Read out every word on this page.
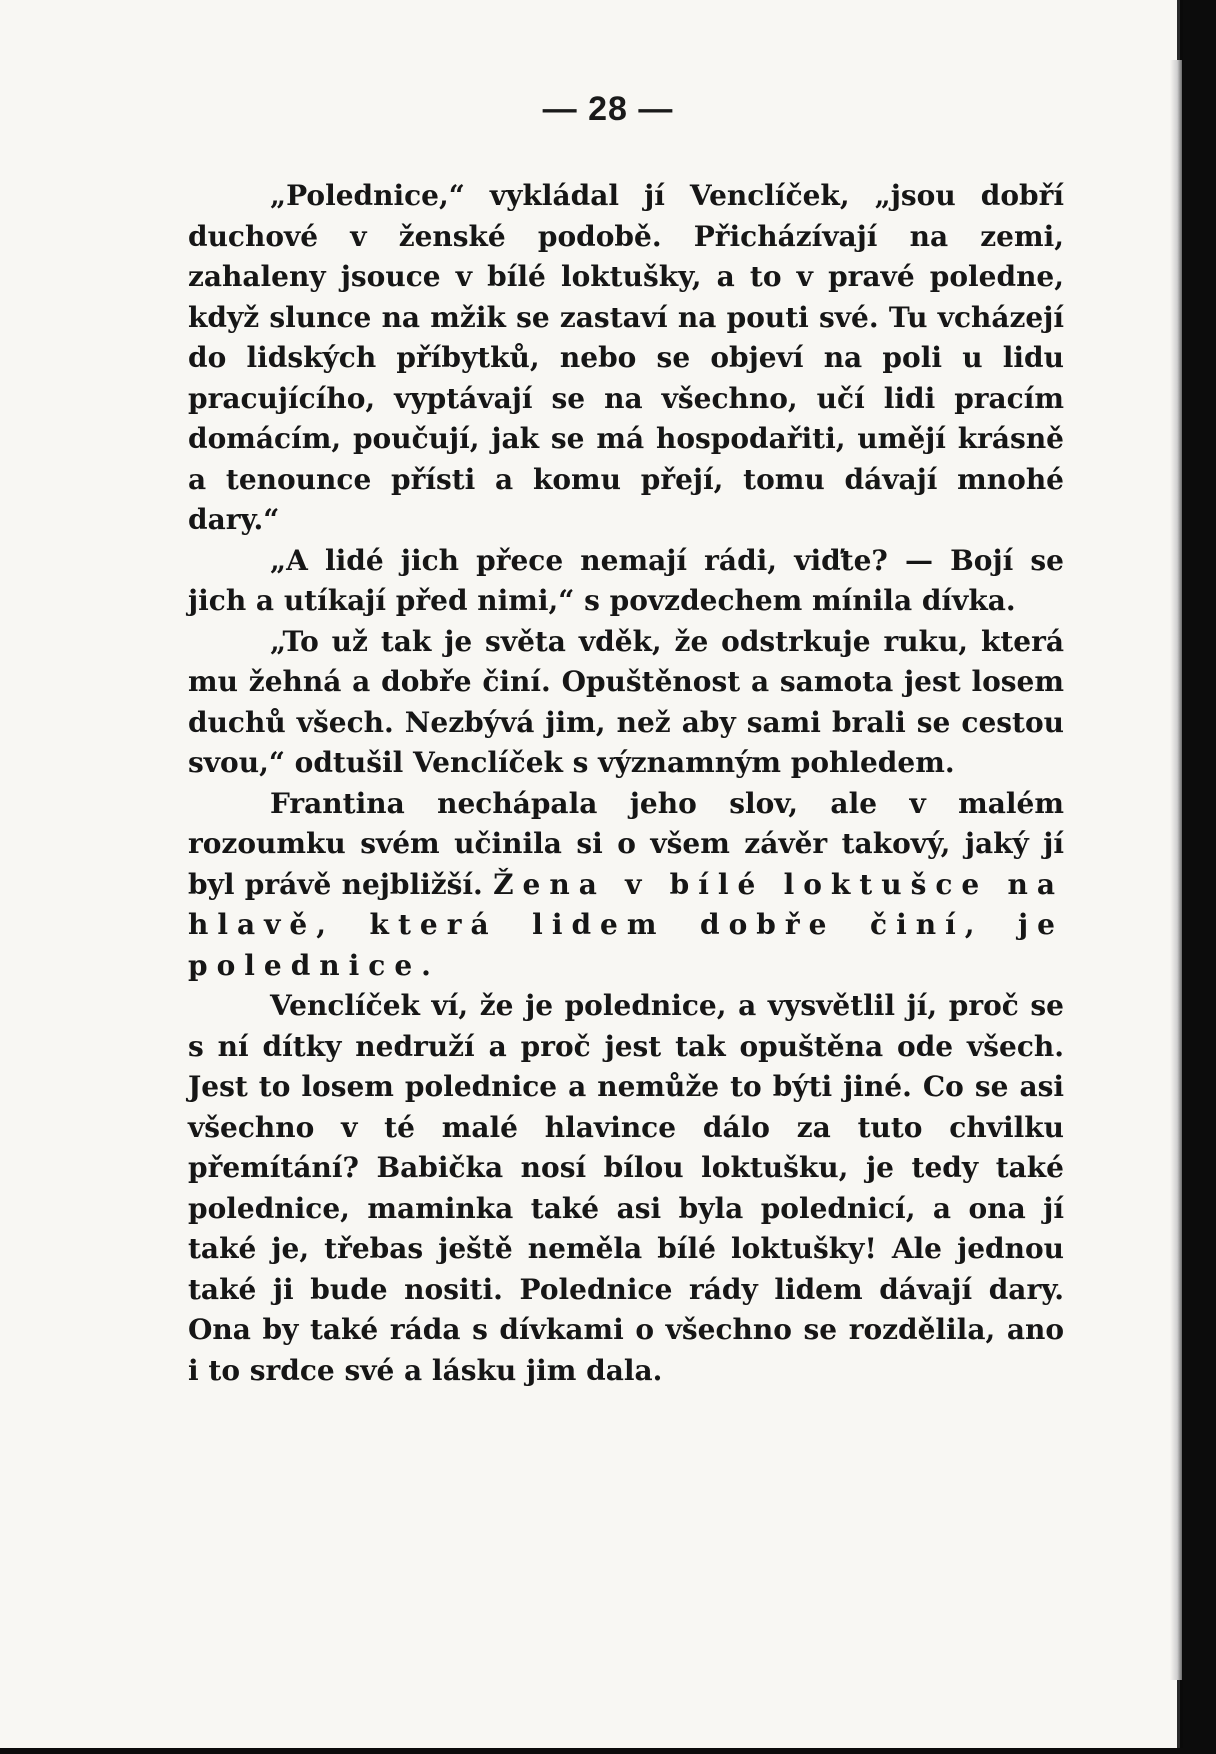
— 28 —

„Polednice,“ vykládal jí Venclíček, „jsou dobří duchové v ženské podobě. Přicházívají na zemi, zahaleny jsouce v bílé loktušky, a to v pravé poledne, když slunce na mžik se zastaví na pouti své. Tu vcházejí do lidských příbytků, nebo se objeví na poli u lidu pracujícího, vyptávají se na všechno, učí lidi pracím domácím, poučují, jak se má hospodařiti, umějí krásně a tenounce přísti a komu přejí, tomu dávají mnohé dary.“

„A lidé jich přece nemají rádi, viďte? — Bojí se jich a utíkají před nimi,“ s povzdechem mínila dívka.

„To už tak je světa vděk, že odstrkuje ruku, která mu žehná a dobře činí. Opuštěnost a samota jest losem duchů všech. Nezbývá jim, než aby sami brali se cestou svou,“ odtušil Venclíček s významným pohledem.

Frantina nechápala jeho slov, ale v malém rozoumku svém učinila si o všem závěr takový, jaký jí byl právě nejbližší. Žena v bílé loktušce na hlavě, která lidem dobře činí, je polednice.

Venclíček ví, že je polednice, a vysvětlil jí, proč se s ní dítky nedruží a proč jest tak opuštěna ode všech. Jest to losem polednice a nemůže to býti jiné. Co se asi všechno v té malé hlavince dálo za tuto chvilku přemítání? Babička nosí bílou loktušku, je tedy také polednice, maminka také asi byla polednicí, a ona jí také je, třebas ještě neměla bílé loktušky! Ale jednou také ji bude nositi. Polednice rády lidem dávají dary. Ona by také ráda s dívkami o všechno se rozdělila, ano i to srdce své a lásku jim dala.
